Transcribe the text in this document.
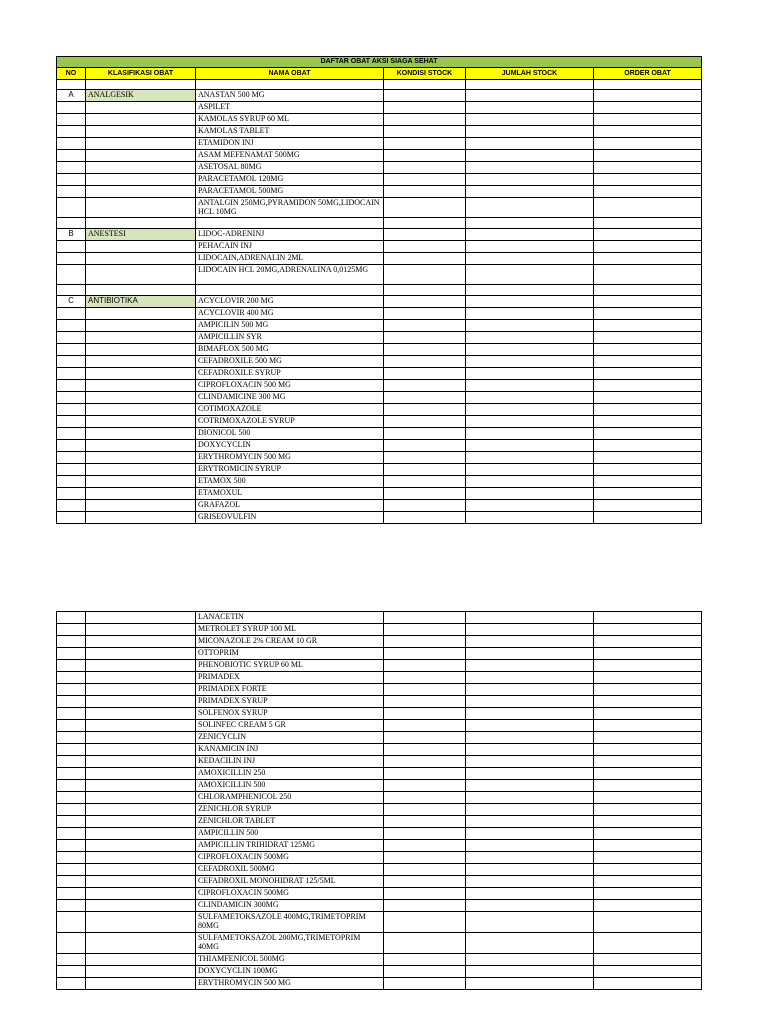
DAFTAR OBAT AKSI SIAGA SEHAT					
NO	KLASIFIKASI OBAT	NAMA OBAT	KONDISI STOCK	JUMLAH STOCK	ORDER OBAT

A	ANALGESIK	ANASTAN 500 MG			
		ASPILET			
		KAMOLAS SYRUP 60 ML			
		KAMOLAS TABLET			
		ETAMIDON INJ			
		ASAM MEFENAMAT 500MG			
		ASETOSAL 80MG			
		PARACETAMOL 120MG			
		PARACETAMOL 500MG			
		ANTALGIN 250MG,PYRAMIDON 50MG,LIDOCAIN HCL 10MG			

B	ANESTESI	LIDOC-ADRENINJ			
		PEHACAIN INJ			
		LIDOCAIN,ADRENALIN 2ML			
		LIDOCAIN HCL 20MG,ADRENALINA 0,0125MG			

C	ANTIBIOTIKA	ACYCLOVIR 200 MG			
		ACYCLOVIR 400 MG			
		AMPICILIN 500 MG			
		AMPICILLIN SYR			
		BIMAFLOX 500 MG			
		CEFADROXILE 500 MG			
		CEFADROXILE SYRUP			
		CIPROFLOXACIN 500 MG			
		CLINDAMICINE 300 MG			
		COTIMOXAZOLE			
		COTRIMOXAZOLE SYRUP			
		DIONICOL 500			
		DOXYCYCLIN			
		ERYTHROMYCIN 500 MG			
		ERYTROMICIN SYRUP			
		ETAMOX 500			
		ETAMOXUL			
		GRAFAZOL			
		GRISEOVULFIN			
		LANACETIN			
		METROLET SYRUP 100 ML			
		MICONAZOLE 2% CREAM 10 GR			
		OTTOPRIM			
		PHENOBIOTIC SYRUP 60 ML			
		PRIMADEX			
		PRIMADEX FORTE			
		PRIMADEX SYRUP			
		SOLFENOX SYRUP			
		SOLINFEC CREAM 5 GR			
		ZENICYCLIN			
		KANAMICIN INJ			
		KEDACILIN INJ			
		AMOXICILLIN 250			
		AMOXICILLIN 500			
		CHLORAMPHENICOL 250			
		ZENICHLOR SYRUP			
		ZENICHLOR TABLET			
		AMPICILLIN 500			
		AMPICILLIN TRIHIDRAT 125MG			
		CIPROFLOXACIN 500MG			
		CEFADROXIL 500MG			
		CEFADROXIL MONOHIDRAT 125/5ML			
		CIPROFLOXACIN 500MG			
		CLINDAMICIN 300MG			
		SULFAMETOKSAZOLE 400MG,TRIMETOPRIM 80MG			
		SULFAMETOKSAZOL 200MG,TRIMETOPRIM 40MG			
		THIAMFENICOL 500MG			
		DOXYCYCLIN 100MG			
		ERYTHROMYCIN 500 MG			
